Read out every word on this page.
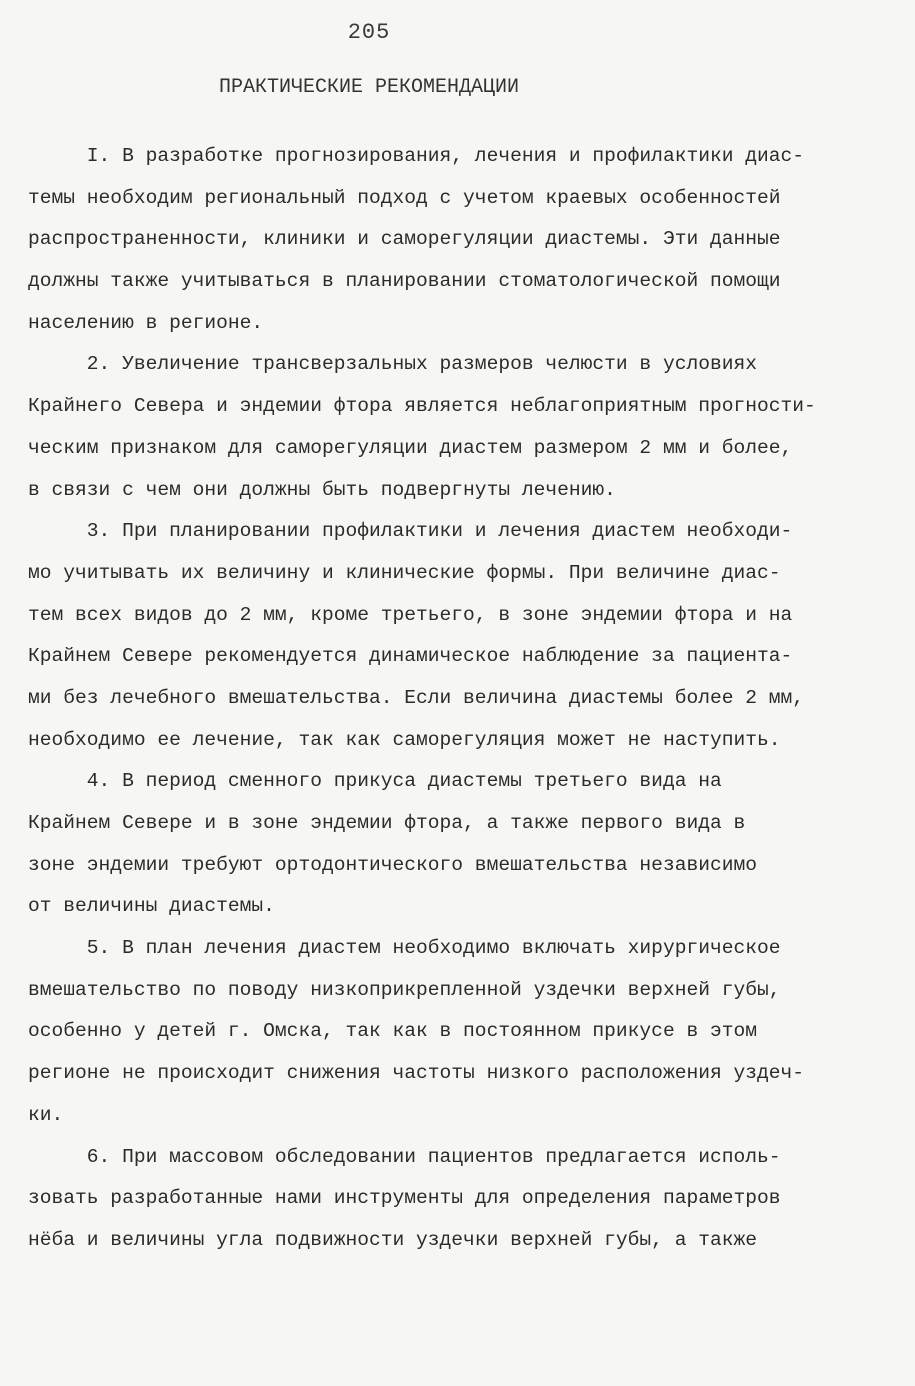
205
ПРАКТИЧЕСКИЕ РЕКОМЕНДАЦИИ
I. В разработке прогнозирования, лечения и профилактики диас-
темы необходим региональный подход с учетом краевых особенностей
распространенности, клиники и саморегуляции диастемы. Эти данные
должны также учитываться в планировании стоматологической помощи
населению в регионе.
2. Увеличение трансверзальных размеров челюсти в условиях
Крайнего Севера и эндемии фтора является неблагоприятным прогности-
ческим признаком для саморегуляции диастем размером 2 мм и более,
в связи с чем они должны быть подвергнуты лечению.
3. При планировании профилактики и лечения диастем необходи-
мо учитывать их величину и клинические формы. При величине диас-
тем всех видов до 2 мм, кроме третьего, в зоне эндемии фтора и на
Крайнем Севере рекомендуется динамическое наблюдение за пациента-
ми без лечебного вмешательства. Если величина диастемы более 2 мм,
необходимо ее лечение, так как саморегуляция может не наступить.
4. В период сменного прикуса диастемы третьего вида на
Крайнем Севере и в зоне эндемии фтора, а также первого вида в
зоне эндемии требуют ортодонтического вмешательства независимо
от величины диастемы.
5. В план лечения диастем необходимо включать хирургическое
вмешательство по поводу низкоприкрепленной уздечки верхней губы,
особенно у детей г. Омска, так как в постоянном прикусе в этом
регионе не происходит снижения частоты низкого расположения уздеч-
ки.
6. При массовом обследовании пациентов предлагается исполь-
зовать разработанные нами инструменты для определения параметров
нёба и величины угла подвижности уздечки верхней губы, а также
